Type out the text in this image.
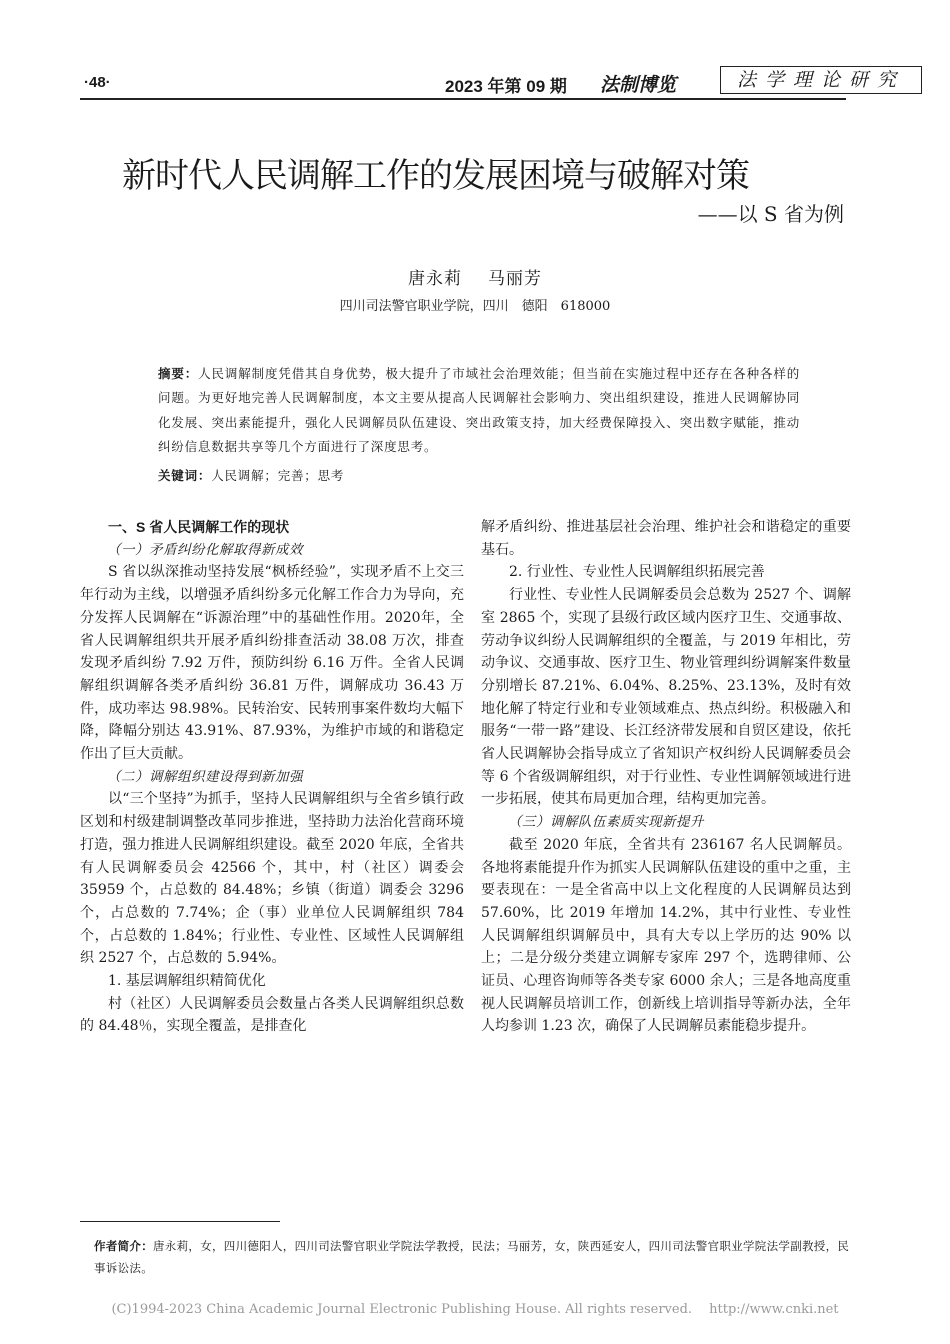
·48·	2023 年第 09 期 法制博览	法学理论研究
新时代人民调解工作的发展困境与破解对策
——以 S 省为例
唐永莉 马丽芳
四川司法警官职业学院，四川　德阳　618000
摘要：人民调解制度凭借其自身优势，极大提升了市域社会治理效能；但当前在实施过程中还存在各种各样的问题。为更好地完善人民调解制度，本文主要从提高人民调解社会影响力、突出组织建设，推进人民调解协同化发展、突出素能提升，强化人民调解员队伍建设、突出政策支持，加大经费保障投入、突出数字赋能，推动纠纷信息数据共享等几个方面进行了深度思考。
关键词：人民调解；完善；思考
一、S 省人民调解工作的现状
（一）矛盾纠纷化解取得新成效

S 省以纵深推动坚持发展“枫桥经验”，实现矛盾不上交三年行动为主线，以增强矛盾纠纷多元化解工作合力为导向，充分发挥人民调解在“诉源治理”中的基础性作用。2020年，全省人民调解组织共开展矛盾纠纷排查活动 38.08 万次，排查发现矛盾纠纷 7.92 万件，预防纠纷 6.16 万件。全省人民调解组织调解各类矛盾纠纷 36.81 万件，调解成功 36.43 万件，成功率达 98.98%。民转治安、民转刑事案件数均大幅下降，降幅分别达 43.91%、87.93%，为维护市域的和谐稳定作出了巨大贡献。

（二）调解组织建设得到新加强

以“三个坚持”为抓手，坚持人民调解组织与全省乡镇行政区划和村级建制调整改革同步推进，坚持助力法治化营商环境打造，强力推进人民调解组织建设。截至 2020 年底，全省共有人民调解委员会 42566 个，其中，村（社区）调委会 35959 个，占总数的 84.48%；乡镇（街道）调委会 3296 个，占总数的 7.74%；企（事）业单位人民调解组织 784 个，占总数的 1.84%；行业性、专业性、区域性人民调解组织 2527 个，占总数的 5.94%。

1. 基层调解组织精简优化

村（社区）人民调解委员会数量占各类人民调解组织总数的 84.48％，实现全覆盖，是排查化

解矛盾纠纷、推进基层社会治理、维护社会和谐稳定的重要基石。

2. 行业性、专业性人民调解组织拓展完善

行业性、专业性人民调解委员会总数为 2527 个、调解室 2865 个，实现了县级行政区域内医疗卫生、交通事故、劳动争议纠纷人民调解组织的全覆盖，与 2019 年相比，劳动争议、交通事故、医疗卫生、物业管理纠纷调解案件数量分别增长 87.21%、6.04%、8.25%、23.13%，及时有效地化解了特定行业和专业领域难点、热点纠纷。积极融入和服务“一带一路”建设、长江经济带发展和自贸区建设，依托省人民调解协会指导成立了省知识产权纠纷人民调解委员会等 6 个省级调解组织，对于行业性、专业性调解领域进行进一步拓展，使其布局更加合理，结构更加完善。

（三）调解队伍素质实现新提升

截至 2020 年底，全省共有 236167 名人民调解员。各地将素能提升作为抓实人民调解队伍建设的重中之重，主要表现在：一是全省高中以上文化程度的人民调解员达到 57.60%，比 2019 年增加 14.2%，其中行业性、专业性人民调解组织调解员中，具有大专以上学历的达 90% 以上；二是分级分类建立调解专家库 297 个，选聘律师、公证员、心理咨询师等各类专家 6000 余人；三是各地高度重视人民调解员培训工作，创新线上培训指导等新办法，全年人均参训 1.23 次，确保了人民调解员素能稳步提升。

作者简介：唐永莉，女，四川德阳人，四川司法警官职业学院法学教授，民法；马丽芳，女，陕西延安人，四川司法警官职业学院法学副教授，民事诉讼法。
(C)1994-2023 China Academic Journal Electronic Publishing House. All rights reserved.　 http://www.cnki.net
